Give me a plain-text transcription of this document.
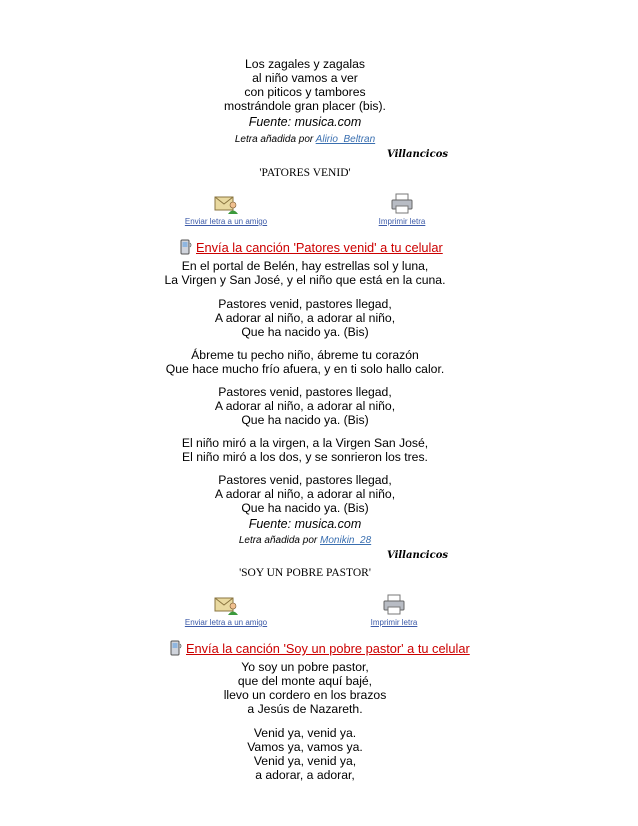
Los zagales y zagalas
al niño vamos a ver
con piticos y tambores
mostrándole gran placer (bis).
Fuente: musica.com
Letra añadida por Alirio_Beltran
Villancicos
'PATORES VENID'
Enviar letra a un amigo	Imprimir letra
Envía la canción 'Patores venid' a tu celular
En el portal de Belén, hay estrellas sol y luna,
La Virgen y San José, y el niño que está en la cuna.
Pastores venid, pastores llegad,
A adorar al niño, a adorar al niño,
Que ha nacido ya. (Bis)
Ábreme tu pecho niño, ábreme tu corazón
Que hace mucho frío afuera, y en ti solo hallo calor.
Pastores venid, pastores llegad,
A adorar al niño, a adorar al niño,
Que ha nacido ya. (Bis)
El niño miró a la virgen, a la Virgen San José,
El niño miró a los dos, y se sonrieron los tres.
Pastores venid, pastores llegad,
A adorar al niño, a adorar al niño,
Que ha nacido ya. (Bis)
Fuente: musica.com
Letra añadida por Monikin_28
Villancicos
'SOY UN POBRE PASTOR'
Enviar letra a un amigo	Imprimir letra
Envía la canción 'Soy un pobre pastor' a tu celular
Yo soy un pobre pastor,
que del monte aquí bajé,
llevo un cordero en los brazos
a Jesús de Nazareth.
Venid ya, venid ya.
Vamos ya, vamos ya.
Venid ya, venid ya,
a adorar, a adorar,
